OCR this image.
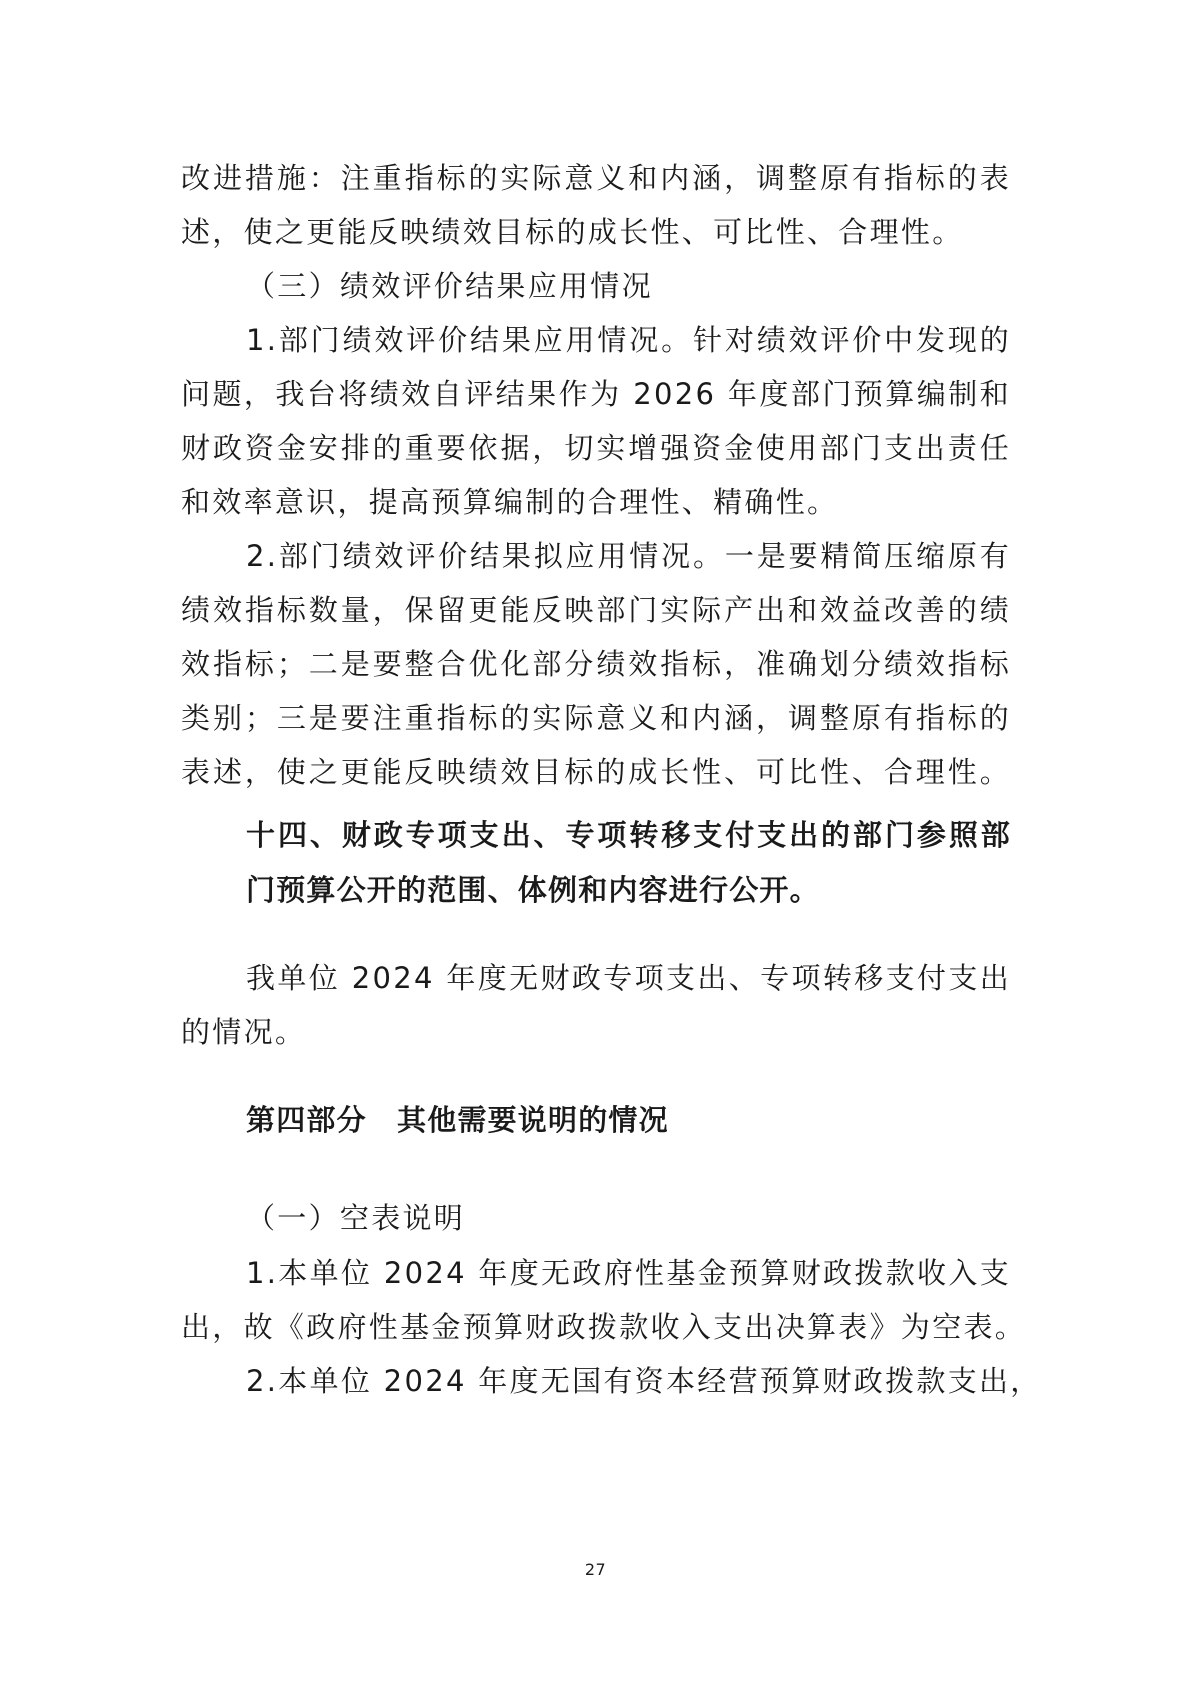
改进措施：注重指标的实际意义和内涵，调整原有指标的表
述，使之更能反映绩效目标的成长性、可比性、合理性。
（三）绩效评价结果应用情况
1.部门绩效评价结果应用情况。针对绩效评价中发现的
问题，我台将绩效自评结果作为 2026 年度部门预算编制和
财政资金安排的重要依据，切实增强资金使用部门支出责任
和效率意识，提高预算编制的合理性、精确性。
2.部门绩效评价结果拟应用情况。一是要精简压缩原有
绩效指标数量，保留更能反映部门实际产出和效益改善的绩
效指标；二是要整合优化部分绩效指标，准确划分绩效指标
类别；三是要注重指标的实际意义和内涵，调整原有指标的
表述，使之更能反映绩效目标的成长性、可比性、合理性。
十四、财政专项支出、专项转移支付支出的部门参照部
门预算公开的范围、体例和内容进行公开。
我单位 2024 年度无财政专项支出、专项转移支付支出
的情况。
第四部分　其他需要说明的情况
（一）空表说明
1.本单位 2024 年度无政府性基金预算财政拨款收入支
出，故《政府性基金预算财政拨款收入支出决算表》为空表。
2.本单位 2024 年度无国有资本经营预算财政拨款支出，
27
